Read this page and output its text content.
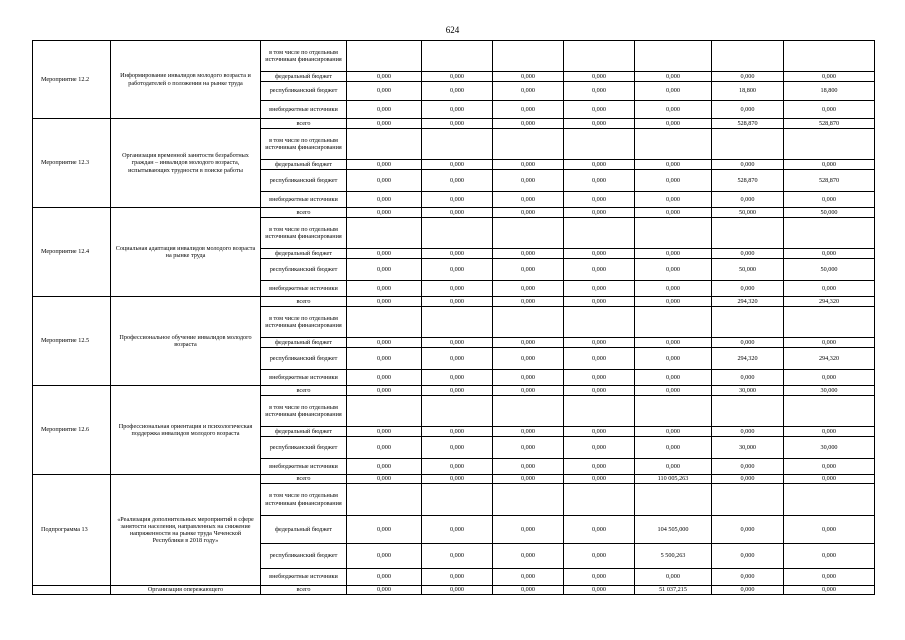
624
Мероприятие 12.2	Информирование инвалидов молодого возраста и работодателей о положении на рынке труда	в том числе по отдельным источникам финансирования							
		федеральный бюджет	0,000	0,000	0,000	0,000	0,000	0,000	0,000
		республиканский бюджет	0,000	0,000	0,000	0,000	0,000	18,800	18,800
		внебюджетные источники	0,000	0,000	0,000	0,000	0,000	0,000	0,000
Мероприятие 12.3	Организация временной занятости безработных граждан – инвалидов молодого возраста, испытывающих трудности в поиске работы	всего	0,000	0,000	0,000	0,000	0,000	528,870	528,870
		в том числе по отдельным источникам финансирования							
		федеральный бюджет	0,000	0,000	0,000	0,000	0,000	0,000	0,000
		республиканский бюджет	0,000	0,000	0,000	0,000	0,000	528,870	528,870
		внебюджетные источники	0,000	0,000	0,000	0,000	0,000	0,000	0,000
Мероприятие 12.4	Социальная адаптация инвалидов молодого возраста на рынке труда	всего	0,000	0,000	0,000	0,000	0,000	50,000	50,000
		в том числе по отдельным источникам финансирования							
		федеральный бюджет	0,000	0,000	0,000	0,000	0,000	0,000	0,000
		республиканский бюджет	0,000	0,000	0,000	0,000	0,000	50,000	50,000
		внебюджетные источники	0,000	0,000	0,000	0,000	0,000	0,000	0,000
Мероприятие 12.5	Профессиональное обучение инвалидов молодого возраста	всего	0,000	0,000	0,000	0,000	0,000	294,320	294,320
		в том числе по отдельным источникам финансирования							
		федеральный бюджет	0,000	0,000	0,000	0,000	0,000	0,000	0,000
		республиканский бюджет	0,000	0,000	0,000	0,000	0,000	294,320	294,320
		внебюджетные источники	0,000	0,000	0,000	0,000	0,000	0,000	0,000
Мероприятие 12.6	Профессиональная ориентация и психологическая поддержка инвалидов молодого возраста	всего	0,000	0,000	0,000	0,000	0,000	30,000	30,000
		в том числе по отдельным источникам финансирования							
		федеральный бюджет	0,000	0,000	0,000	0,000	0,000	0,000	0,000
		республиканский бюджет	0,000	0,000	0,000	0,000	0,000	30,000	30,000
		внебюджетные источники	0,000	0,000	0,000	0,000	0,000	0,000	0,000
Подпрограмма 13	«Реализация дополнительных мероприятий в сфере занятости населения, направленных на снижение напряженности на рынке труда Чеченской Республики в 2018 году»	всего	0,000	0,000	0,000	0,000	110 005,263	0,000	0,000
		в том числе по отдельным источникам финансирования							
		федеральный бюджет	0,000	0,000	0,000	0,000	104 505,000	0,000	0,000
		республиканский бюджет	0,000	0,000	0,000	0,000	5 500,263	0,000	0,000
		внебюджетные источники	0,000	0,000	0,000	0,000	0,000	0,000	0,000
	Организация опережающего	всего	0,000	0,000	0,000	0,000	51 037,215	0,000	0,000
